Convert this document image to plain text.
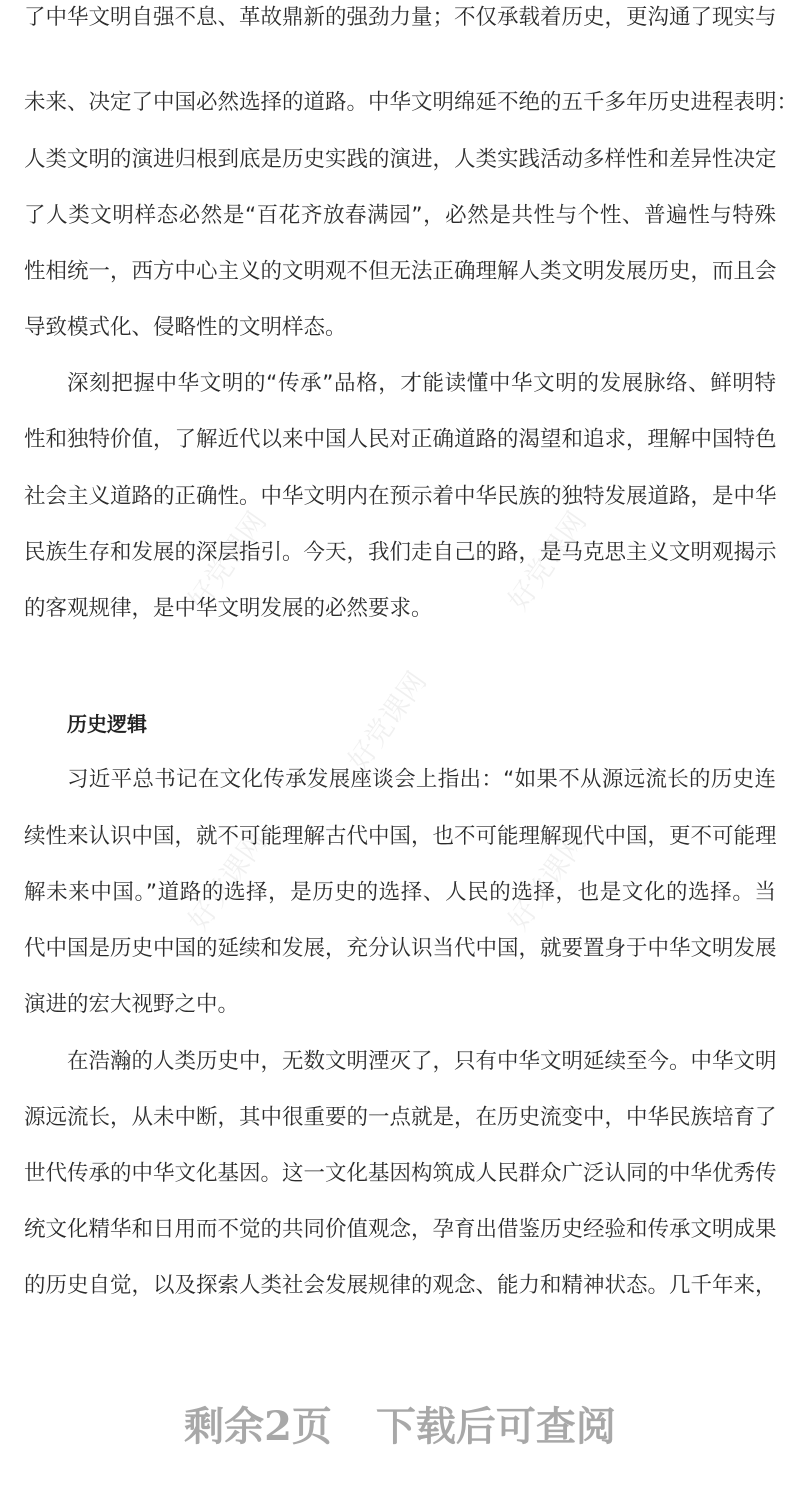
好党课网	好党课网
好党课网
好党课网	好党课网
了中华文明自强不息、革故鼎新的强劲力量；不仅承载着历史，更沟通了现实与
未来、决定了中国必然选择的道路。中华文明绵延不绝的五千多年历史进程表明：
人类文明的演进归根到底是历史实践的演进，人类实践活动多样性和差异性决定
了人类文明样态必然是“百花齐放春满园”，必然是共性与个性、普遍性与特殊
性相统一，西方中心主义的文明观不但无法正确理解人类文明发展历史，而且会
导致模式化、侵略性的文明样态。
深刻把握中华文明的“传承”品格，才能读懂中华文明的发展脉络、鲜明特
性和独特价值，了解近代以来中国人民对正确道路的渴望和追求，理解中国特色
社会主义道路的正确性。中华文明内在预示着中华民族的独特发展道路，是中华
民族生存和发展的深层指引。今天，我们走自己的路，是马克思主义文明观揭示
的客观规律，是中华文明发展的必然要求。
历史逻辑
习近平总书记在文化传承发展座谈会上指出：“如果不从源远流长的历史连
续性来认识中国，就不可能理解古代中国，也不可能理解现代中国，更不可能理
解未来中国。”道路的选择，是历史的选择、人民的选择，也是文化的选择。当
代中国是历史中国的延续和发展，充分认识当代中国，就要置身于中华文明发展
演进的宏大视野之中。
在浩瀚的人类历史中，无数文明湮灭了，只有中华文明延续至今。中华文明
源远流长，从未中断，其中很重要的一点就是，在历史流变中，中华民族培育了
世代传承的中华文化基因。这一文化基因构筑成人民群众广泛认同的中华优秀传
统文化精华和日用而不觉的共同价值观念，孕育出借鉴历史经验和传承文明成果
的历史自觉，以及探索人类社会发展规律的观念、能力和精神状态。几千年来，
剩余2页 下载后可查阅
